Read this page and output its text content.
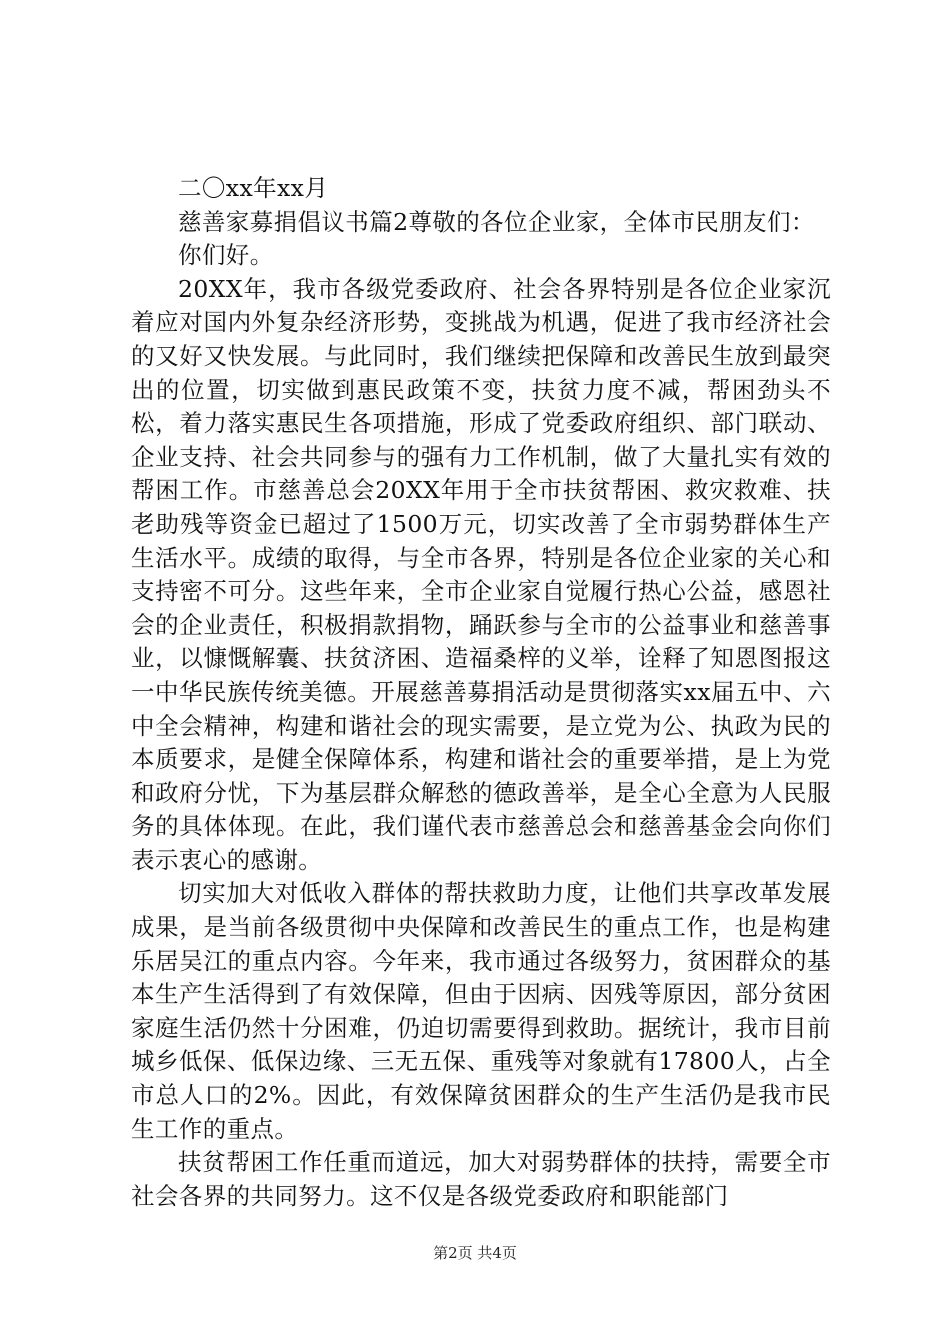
二〇xx年xx月

慈善家募捐倡议书篇2尊敬的各位企业家，全体市民朋友们：

你们好。

20XX年，我市各级党委政府、社会各界特别是各位企业家沉着应对国内外复杂经济形势，变挑战为机遇，促进了我市经济社会的又好又快发展。与此同时，我们继续把保障和改善民生放到最突出的位置，切实做到惠民政策不变，扶贫力度不减，帮困劲头不松，着力落实惠民生各项措施，形成了党委政府组织、部门联动、企业支持、社会共同参与的强有力工作机制，做了大量扎实有效的帮困工作。市慈善总会20XX年用于全市扶贫帮困、救灾救难、扶老助残等资金已超过了1500万元，切实改善了全市弱势群体生产生活水平。成绩的取得，与全市各界，特别是各位企业家的关心和支持密不可分。这些年来，全市企业家自觉履行热心公益，感恩社会的企业责任，积极捐款捐物，踊跃参与全市的公益事业和慈善事业，以慷慨解囊、扶贫济困、造福桑梓的义举，诠释了知恩图报这一中华民族传统美德。开展慈善募捐活动是贯彻落实xx届五中、六中全会精神，构建和谐社会的现实需要，是立党为公、执政为民的本质要求，是健全保障体系，构建和谐社会的重要举措，是上为党和政府分忧，下为基层群众解愁的德政善举，是全心全意为人民服务的具体体现。在此，我们谨代表市慈善总会和慈善基金会向你们表示衷心的感谢。

切实加大对低收入群体的帮扶救助力度，让他们共享改革发展成果，是当前各级贯彻中央保障和改善民生的重点工作，也是构建乐居吴江的重点内容。今年来，我市通过各级努力，贫困群众的基本生产生活得到了有效保障，但由于因病、因残等原因，部分贫困家庭生活仍然十分困难，仍迫切需要得到救助。据统计，我市目前城乡低保、低保边缘、三无五保、重残等对象就有17800人，占全市总人口的2%。因此，有效保障贫困群众的生产生活仍是我市民生工作的重点。

扶贫帮困工作任重而道远，加大对弱势群体的扶持，需要全市社会各界的共同努力。这不仅是各级党委政府和职能部门

第2页 共4页
